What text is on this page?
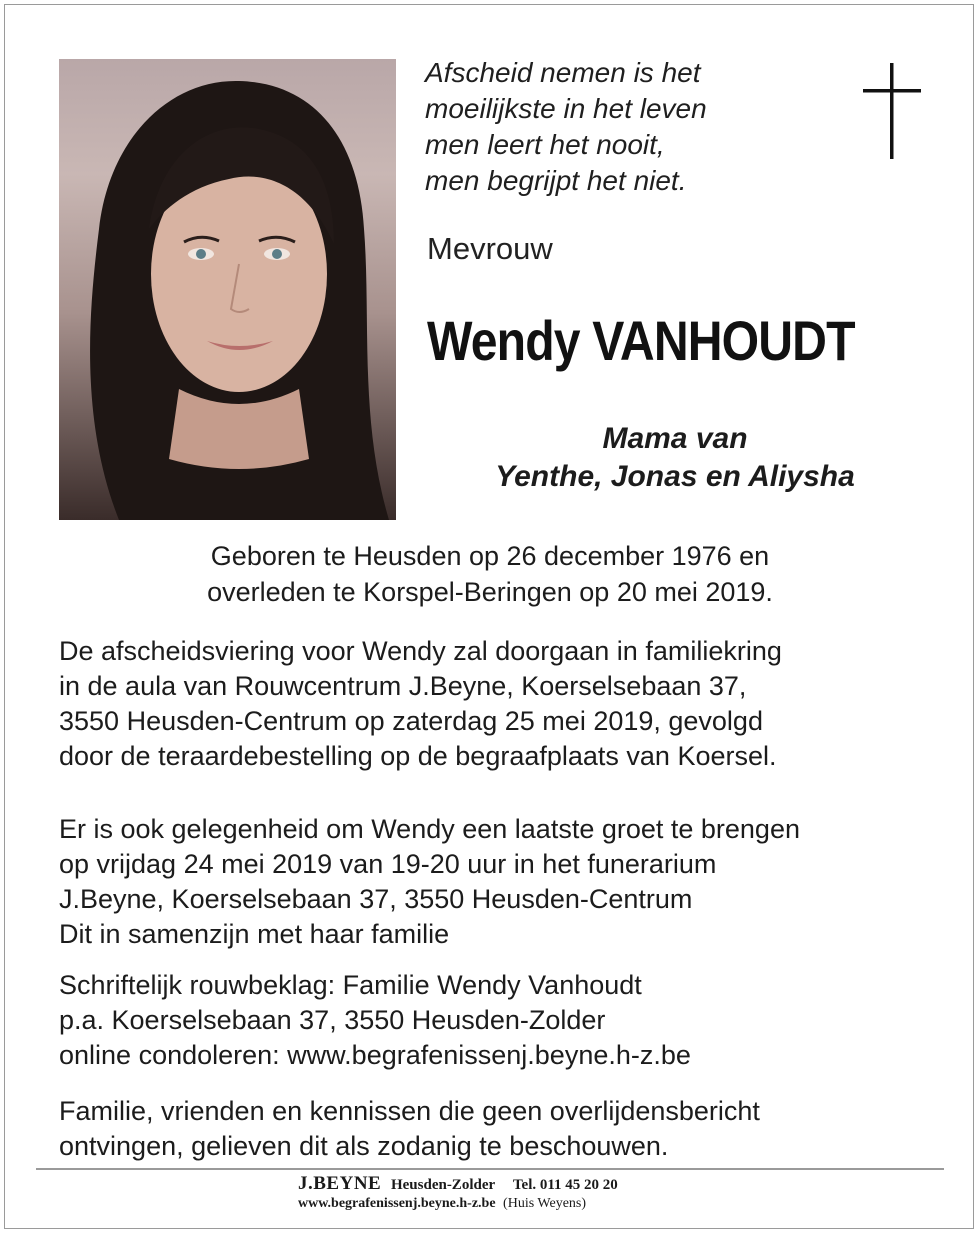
Afscheid nemen is het
moeilijkste in het leven
men leert het nooit,
men begrijpt het niet.
Mevrouw
Wendy VANHOUDT
Mama van
Yenthe, Jonas en Aliysha
Geboren te Heusden op 26 december 1976 en
overleden te Korspel-Beringen op 20 mei 2019.
De afscheidsviering voor Wendy zal doorgaan in familiekring
in de aula van Rouwcentrum J.Beyne, Koerselsebaan 37,
3550 Heusden-Centrum op zaterdag 25 mei 2019, gevolgd
door de teraardebestelling op de begraafplaats van Koersel.
Er is ook gelegenheid om Wendy een laatste groet te brengen
op vrijdag 24 mei 2019 van 19-20 uur in het funerarium
J.Beyne, Koerselsebaan 37, 3550 Heusden-Centrum
Dit in samenzijn met haar familie
Schriftelijk rouwbeklag: Familie Wendy Vanhoudt
p.a. Koerselsebaan 37, 3550 Heusden-Zolder
online condoleren: www.begrafenissenj.beyne.h-z.be
Familie, vrienden en kennissen die geen overlijdensbericht
ontvingen, gelieven dit als zodanig te beschouwen.
J.BEYNE Heusden-Zolder Tel. 011 45 20 20
www.begrafenissenj.beyne.h-z.be (Huis Weyens)
